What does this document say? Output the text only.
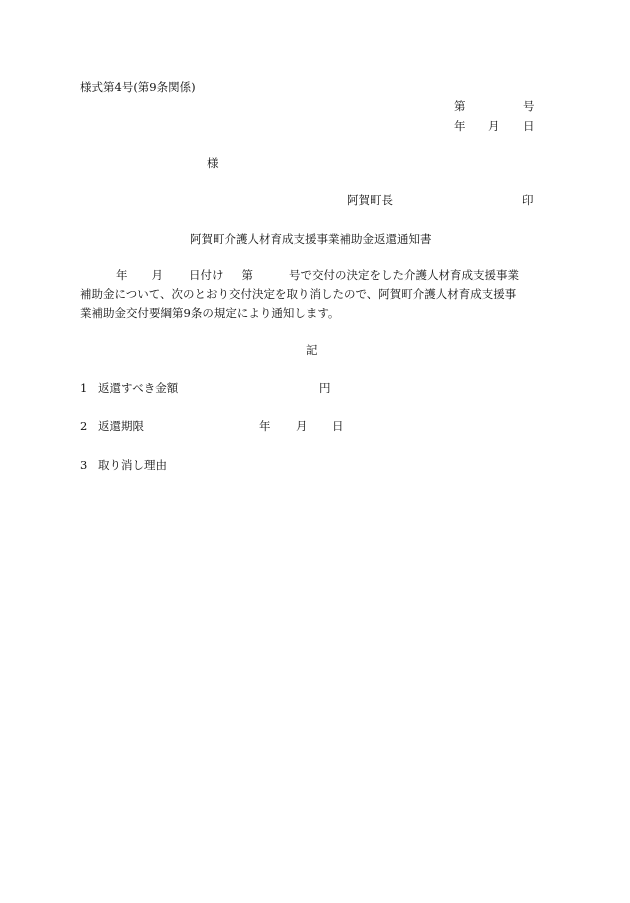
様式第4号(第9条関係)
第	号
年 月 日
様
阿賀町長	印
阿賀町介護人材育成支援事業補助金返還通知書
年 月 日付け 第	号で交付の決定をした介護人材育成支援事業
補助金について、次のとおり交付決定を取り消したので、阿賀町介護人材育成支援事
業補助金交付要綱第9条の規定により通知します。
記
1 返還すべき金額	円
2 返還期限	年 月 日
3 取り消し理由
